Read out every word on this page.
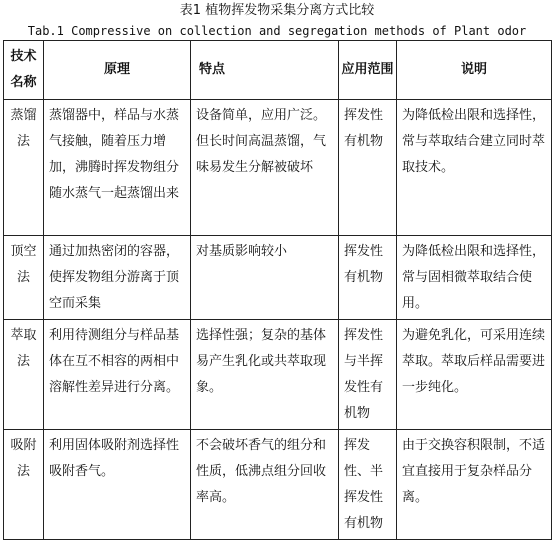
表1 植物挥发物采集分离方式比较
Tab.1 Compressive on collection and segregation methods of Plant odor
技术名称	原理	特点	应用范围	说明
蒸馏法	蒸馏器中，样品与水蒸气接触，随着压力增加，沸腾时挥发物组分随水蒸气一起蒸馏出来	设备简单，应用广泛。但长时间高温蒸馏，气味易发生分解被破坏	挥发性有机物	为降低检出限和选择性，常与萃取结合建立同时萃取技术。
顶空法	通过加热密闭的容器，使挥发物组分游离于顶空而采集	对基质影响较小	挥发性有机物	为降低检出限和选择性，常与固相微萃取结合使用。
萃取法	利用待测组分与样品基体在互不相容的两相中溶解性差异进行分离。	选择性强；复杂的基体易产生乳化或共萃取现象。	挥发性与半挥发性有机物	为避免乳化，可采用连续萃取。萃取后样品需要进一步纯化。
吸附法	利用固体吸附剂选择性吸附香气。	不会破坏香气的组分和性质，低沸点组分回收率高。	挥发性、半挥发性有机物	由于交换容积限制，不适宜直接用于复杂样品分离。
